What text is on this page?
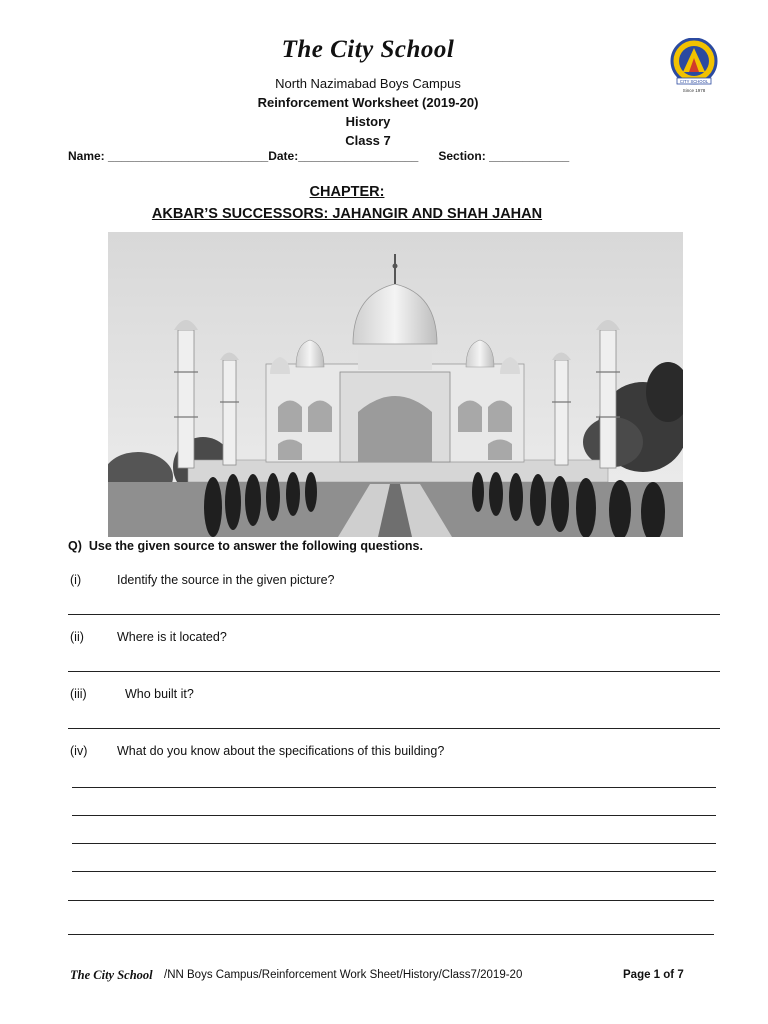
The City School
North Nazimabad Boys Campus
Reinforcement Worksheet (2019-20)
History
Class 7
CITY SCHOOL
Since 1978
Name: ________________________Date:__________________ Section: ____________
CHAPTER:
AKBAR’S SUCCESSORS: JAHANGIR AND SHAH JAHAN
Q) Use the given source to answer the following questions.
(i)	Identify the source in the given picture?
(ii)	Where is it located?
(iii)	Who built it?
(iv) What do you know about the specifications of this building?
The City School /NN Boys Campus/Reinforcement Work Sheet/History/Class7/2019-20	Page 1 of 7
